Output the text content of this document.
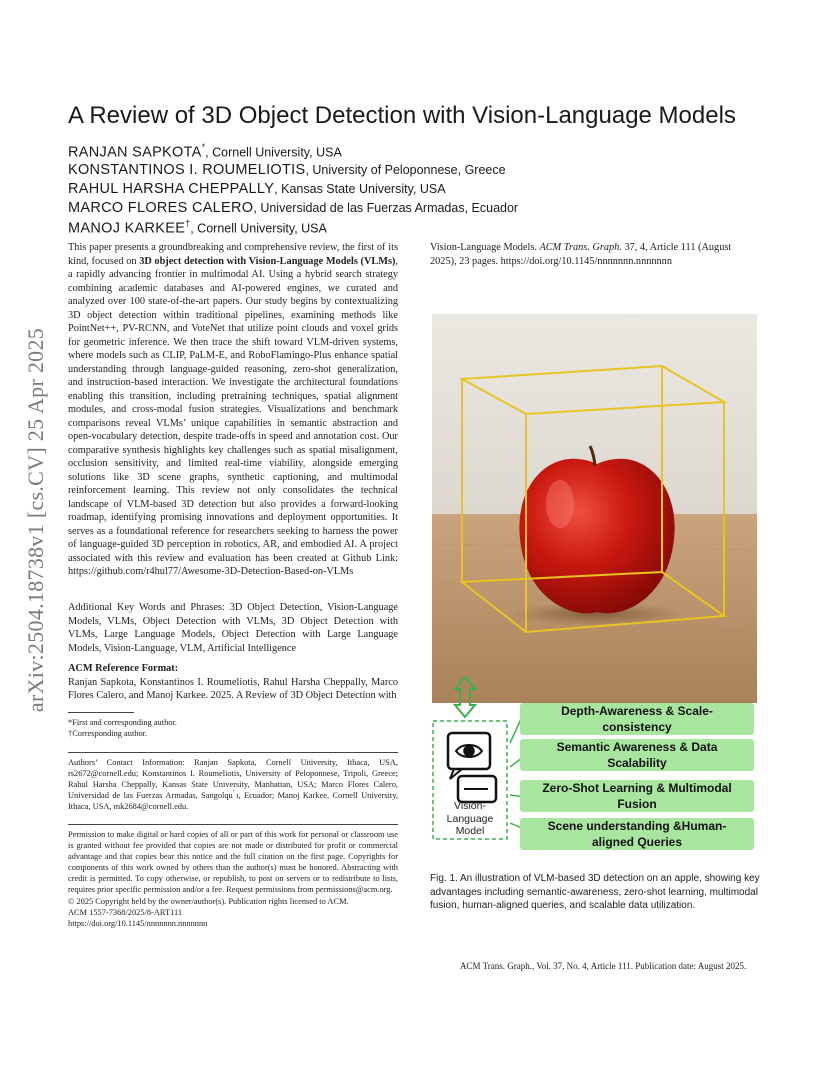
arXiv:2504.18738v1 [cs.CV] 25 Apr 2025
A Review of 3D Object Detection with Vision-Language Models
RANJAN SAPKOTA*, Cornell University, USA
KONSTANTINOS I. ROUMELIOTIS, University of Peloponnese, Greece
RAHUL HARSHA CHEPPALLY, Kansas State University, USA
MARCO FLORES CALERO, Universidad de las Fuerzas Armadas, Ecuador
MANOJ KARKEE†, Cornell University, USA

This paper presents a groundbreaking and comprehensive review, the first of its kind, focused on 3D object detection with Vision-Language Models (VLMs), a rapidly advancing frontier in multimodal AI. Using a hybrid search strategy combining academic databases and AI-powered engines, we curated and analyzed over 100 state-of-the-art papers. Our study begins by contextualizing 3D object detection within traditional pipelines, examining methods like PointNet++, PV-RCNN, and VoteNet that utilize point clouds and voxel grids for geometric inference. We then trace the shift toward VLM-driven systems, where models such as CLIP, PaLM-E, and RoboFlamingo-Plus enhance spatial understanding through language-guided reasoning, zero-shot generalization, and instruction-based interaction. We investigate the architectural foundations enabling this transition, including pretraining techniques, spatial alignment modules, and cross-modal fusion strategies. Visualizations and benchmark comparisons reveal VLMs’ unique capabilities in semantic abstraction and open-vocabulary detection, despite trade-offs in speed and annotation cost. Our comparative synthesis highlights key challenges such as spatial misalignment, occlusion sensitivity, and limited real-time viability, alongside emerging solutions like 3D scene graphs, synthetic captioning, and multimodal reinforcement learning. This review not only consolidates the technical landscape of VLM-based 3D detection but also provides a forward-looking roadmap, identifying promising innovations and deployment opportunities. It serves as a foundational reference for researchers seeking to harness the power of language-guided 3D perception in robotics, AR, and embodied AI. A project associated with this review and evaluation has been created at Github Link: https://github.com/r4hul77/Awesome-3D-Detection-Based-on-VLMs

Additional Key Words and Phrases: 3D Object Detection, Vision-Language Models, VLMs, Object Detection with VLMs, 3D Object Detection with VLMs, Large Language Models, Object Detection with Large Language Models, Vision-Language, VLM, Artificial Intelligence

ACM Reference Format:

Ranjan Sapkota, Konstantinos I. Roumeliotis, Rahul Harsha Cheppally, Marco Flores Calero, and Manoj Karkee. 2025. A Review of 3D Object Detection with

*First and corresponding author.

†Corresponding author.

Authors’ Contact Information: Ranjan Sapkota, Cornell University, Ithaca, USA, rs2672@cornell.edu; Konstantinos I. Roumeliotis, University of Peloponnese, Tripoli, Greece; Rahul Harsha Cheppally, Kansas State University, Manhattan, USA; Marco Flores Calero, Universidad de las Fuerzas Armadas, Sangolqu ́ı, Ecuador; Manoj Karkee, Cornell University, Ithaca, USA, mk2684@cornell.edu.

Permission to make digital or hard copies of all or part of this work for personal or classroom use is granted without fee provided that copies are not made or distributed for profit or commercial advantage and that copies bear this notice and the full citation on the first page. Copyrights for components of this work owned by others than the author(s) must be honored. Abstracting with credit is permitted. To copy otherwise, or republish, to post on servers or to redistribute to lists, requires prior specific permission and/or a fee. Request permissions from permissions@acm.org.

© 2025 Copyright held by the owner/author(s). Publication rights licensed to ACM.

ACM 1557-7368/2025/8-ART111

https://doi.org/10.1145/nnnnnnn.nnnnnnn

Vision-Language Models. ACM Trans. Graph. 37, 4, Article 111 (August 2025), 23 pages. https://doi.org/10.1145/nnnnnnn.nnnnnnn
Vision-Language
Model
Depth-Awareness & Scale-
consistency
Semantic Awareness & Data
Scalability
Zero-Shot Learning & Multimodal
Fusion
Scene understanding &Human-
aligned Queries
Fig. 1. An illustration of VLM-based 3D detection on an apple, showing key advantages including semantic-awareness, zero-shot learning, multimodal fusion, human-aligned queries, and scalable data utilization.
ACM Trans. Graph., Vol. 37, No. 4, Article 111. Publication date: August 2025.
